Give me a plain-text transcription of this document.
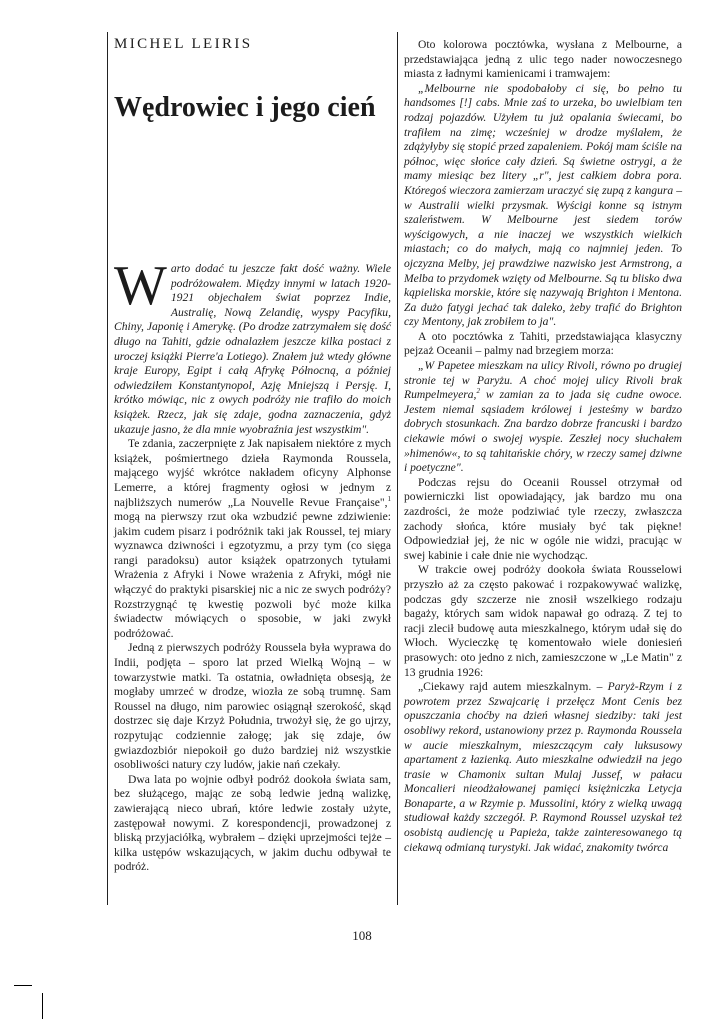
MICHEL LEIRIS
Wędrowiec i jego cień

Warto dodać tu jeszcze fakt dość ważny. Wiele podróżowałem. Między innymi w latach 1920-1921 objechałem świat poprzez Indie, Australię, Nową Zelandię, wyspy Pacyfiku, Chiny, Japonię i Amerykę. (Po drodze zatrzymałem się dość długo na Tahiti, gdzie odnalazłem jeszcze kilka postaci z uroczej książki Pierre'a Lotiego). Znałem już wtedy główne kraje Europy, Egipt i całą Afrykę Północną, a później odwiedziłem Konstantynopol, Azję Mniejszą i Persję. I, krótko mówiąc, nic z owych podróży nie trafiło do moich książek. Rzecz, jak się zdaje, godna zaznaczenia, gdyż ukazuje jasno, że dla mnie wyobraźnia jest wszystkim".

Te zdania, zaczerpnięte z Jak napisałem niektóre z mych książek, pośmiertnego dzieła Raymonda Roussela, mającego wyjść wkrótce nakładem oficyny Alphonse Lemerre, a której fragmenty ogłosi w jednym z najbliższych numerów „La Nouvelle Revue Française",$^1$ mogą na pierwszy rzut oka wzbudzić pewne zdziwienie: jakim cudem pisarz i podróżnik taki jak Roussel, tej miary wyznawca dziwności i egzotyzmu, a przy tym (co sięga rangi paradoksu) autor książek opatrzonych tytułami Wrażenia z Afryki i Nowe wrażenia z Afryki, mógł nie włączyć do praktyki pisarskiej nic a nic ze swych podróży? Rozstrzygnąć tę kwestię pozwoli być może kilka świadectw mówiących o sposobie, w jaki zwykł podróżować.

Jedną z pierwszych podróży Roussela była wyprawa do Indii, podjęta – sporo lat przed Wielką Wojną – w towarzystwie matki. Ta ostatnia, owładnięta obsesją, że mogłaby umrzeć w drodze, wiozła ze sobą trumnę. Sam Roussel na długo, nim parowiec osiągnął szerokość, skąd dostrzec się daje Krzyż Południa, trwożył się, że go ujrzy, rozpytując codziennie załogę; jak się zdaje, ów gwiazdozbiór niepokoił go dużo bardziej niż wszystkie osobliwości natury czy ludów, jakie nań czekały.

Dwa lata po wojnie odbył podróż dookoła świata sam, bez służącego, mając ze sobą ledwie jedną walizkę, zawierającą nieco ubrań, które ledwie zostały użyte, zastępował nowymi. Z korespondencji, prowadzonej z bliską przyjaciółką, wybrałem – dzięki uprzejmości tejże – kilka ustępów wskazujących, w jakim duchu odbywał te podróż.

Oto kolorowa pocztówka, wysłana z Melbourne, a przedstawiająca jedną z ulic tego nader nowoczesnego miasta z ładnymi kamienicami i tramwajem:

„Melbourne nie spodobałoby ci się, bo pełno tu handsomes [!] cabs. Mnie zaś to urzeka, bo uwielbiam ten rodzaj pojazdów. Użyłem tu już opalania świecami, bo trafiłem na zimę; wcześniej w drodze myślałem, że zdążyłyby się stopić przed zapaleniem. Pokój mam ściśle na północ, więc słońce cały dzień. Są świetne ostrygi, a że mamy miesiąc bez litery „r", jest całkiem dobra pora. Któregoś wieczora zamierzam uraczyć się zupą z kangura – w Australii wielki przysmak. Wyścigi konne są istnym szaleństwem. W Melbourne jest siedem torów wyścigowych, a nie inaczej we wszystkich wielkich miastach; co do małych, mają co najmniej jeden. To ojczyzna Melby, jej prawdziwe nazwisko jest Armstrong, a Melba to przydomek wzięty od Melbourne. Są tu blisko dwa kąpieliska morskie, które się nazywają Brighton i Mentona. Za dużo fatygi jechać tak daleko, żeby trafić do Brighton czy Mentony, jak zrobiłem to ja".

A oto pocztówka z Tahiti, przedstawiająca klasyczny pejzaż Oceanii – palmy nad brzegiem morza:

„W Papetee mieszkam na ulicy Rivoli, równo po drugiej stronie tej w Paryżu. A choć mojej ulicy Rivoli brak Rumpelmeyera,$^2$ w zamian za to jada się cudne owoce. Jestem niemal sąsiadem królowej i jesteśmy w bardzo dobrych stosunkach. Zna bardzo dobrze francuski i bardzo ciekawie mówi o swojej wyspie. Zeszłej nocy słuchałem »himenów«, to są tahitańskie chóry, w rzeczy samej dziwne i poetyczne".

Podczas rejsu do Oceanii Roussel otrzymał od powierniczki list opowiadający, jak bardzo mu ona zazdrości, że może podziwiać tyle rzeczy, zwłaszcza zachody słońca, które musiały być tak piękne! Odpowiedział jej, że nic w ogóle nie widzi, pracując w swej kabinie i całe dnie nie wychodząc.

W trakcie owej podróży dookoła świata Rousselowi przyszło aż za często pakować i rozpakowywać walizkę, podczas gdy szczerze nie znosił wszelkiego rodzaju bagaży, których sam widok napawał go odrazą. Z tej to racji zlecił budowę auta mieszkalnego, którym udał się do Włoch. Wycieczkę tę komentowało wiele doniesień prasowych: oto jedno z nich, zamieszczone w „Le Matin" z 13 grudnia 1926:

„Ciekawy rajd autem mieszkalnym. – Paryż-Rzym i z powrotem przez Szwajcarię i przełęcz Mont Cenis bez opuszczania choćby na dzień własnej siedziby: taki jest osobliwy rekord, ustanowiony przez p. Raymonda Roussela w aucie mieszkalnym, mieszczącym cały luksusowy apartament z łazienką. Auto mieszkalne odwiedził na jego trasie w Chamonix sultan Mulaj Jussef, w pałacu Moncalieri nieodżałowanej pamięci księżniczka Letycja Bonaparte, a w Rzymie p. Mussolini, który z wielką uwagą studiował każdy szczegół. P. Raymond Roussel uzyskał też osobistą audiencję u Papieża, także zainteresowanego tą ciekawą odmianą turystyki. Jak widać, znakomity twórca

108
